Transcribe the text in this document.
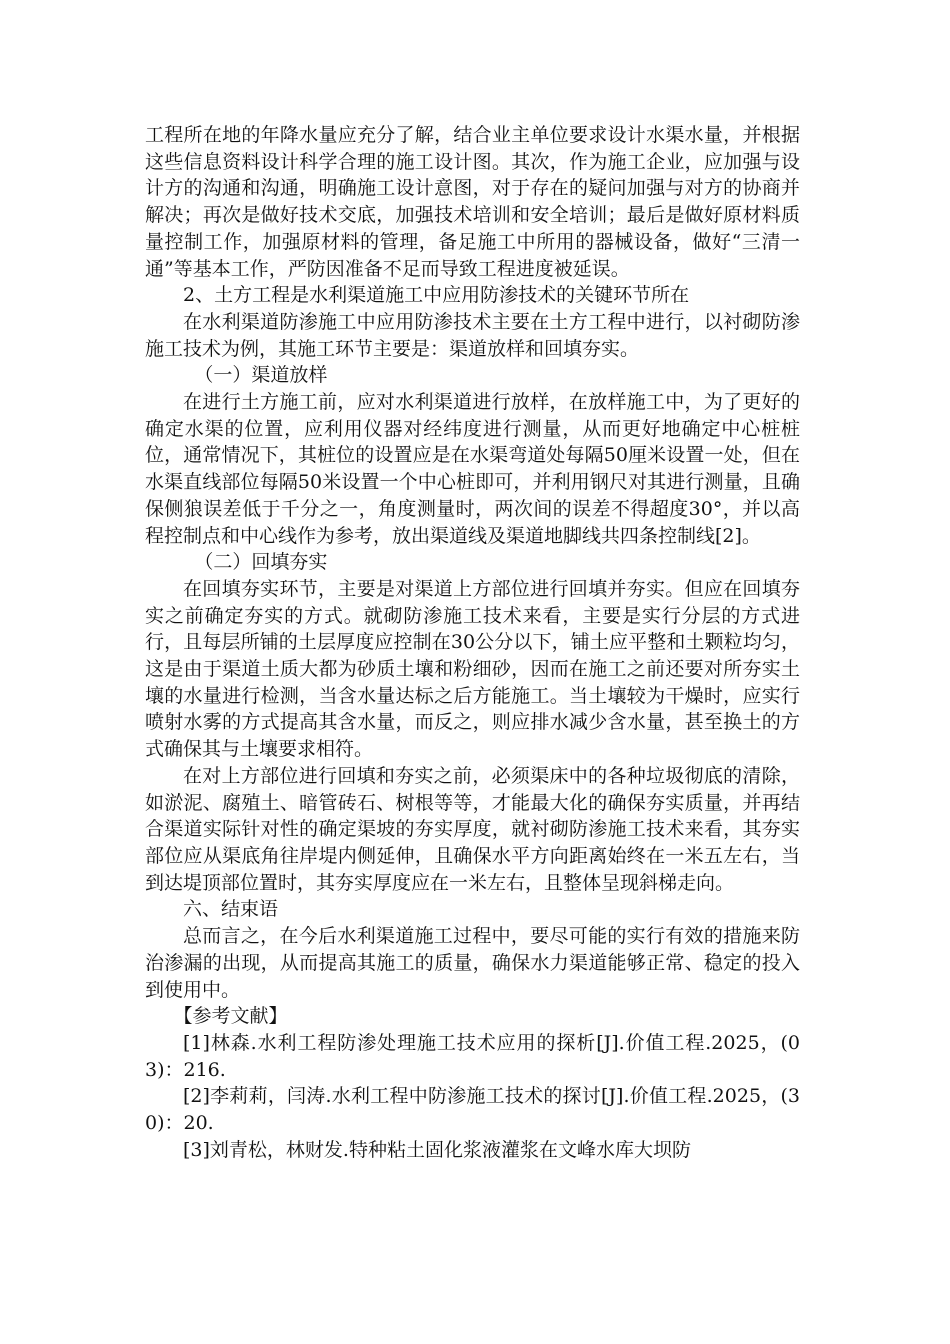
工程所在地的年降水量应充分了解，结合业主单位要求设计水渠水量，并根据这些信息资料设计科学合理的施工设计图。其次，作为施工企业，应加强与设计方的沟通和沟通，明确施工设计意图，对于存在的疑问加强与对方的协商并解决；再次是做好技术交底，加强技术培训和安全培训；最后是做好原材料质量控制工作，加强原材料的管理，备足施工中所用的器械设备，做好“三清一通”等基本工作，严防因准备不足而导致工程进度被延误。

2、土方工程是水利渠道施工中应用防渗技术的关键环节所在

在水利渠道防渗施工中应用防渗技术主要在土方工程中进行，以衬砌防渗施工技术为例，其施工环节主要是：渠道放样和回填夯实。

（一）渠道放样

在进行土方施工前，应对水利渠道进行放样，在放样施工中，为了更好的确定水渠的位置，应利用仪器对经纬度进行测量，从而更好地确定中心桩桩位，通常情况下，其桩位的设置应是在水渠弯道处每隔50厘米设置一处，但在水渠直线部位每隔50米设置一个中心桩即可，并利用钢尺对其进行测量，且确保侧狼误差低于千分之一，角度测量时，两次间的误差不得超度30°，并以高程控制点和中心线作为参考，放出渠道线及渠道地脚线共四条控制线[2]。

（二）回填夯实

在回填夯实环节，主要是对渠道上方部位进行回填并夯实。但应在回填夯实之前确定夯实的方式。就砌防渗施工技术来看，主要是实行分层的方式进行，且每层所铺的土层厚度应控制在30公分以下，铺土应平整和土颗粒均匀，这是由于渠道土质大都为砂质土壤和粉细砂，因而在施工之前还要对所夯实土壤的水量进行检测，当含水量达标之后方能施工。当土壤较为干燥时，应实行喷射水雾的方式提高其含水量，而反之，则应排水减少含水量，甚至换土的方式确保其与土壤要求相符。

在对上方部位进行回填和夯实之前，必须渠床中的各种垃圾彻底的清除，如淤泥、腐殖土、暗管砖石、树根等等，才能最大化的确保夯实质量，并再结合渠道实际针对性的确定渠坡的夯实厚度，就衬砌防渗施工技术来看，其夯实部位应从渠底角往岸堤内侧延伸，且确保水平方向距离始终在一米五左右，当到达堤顶部位置时，其夯实厚度应在一米左右，且整体呈现斜梯走向。

六、结束语

总而言之，在今后水利渠道施工过程中，要尽可能的实行有效的措施来防治渗漏的出现，从而提高其施工的质量，确保水力渠道能够正常、稳定的投入到使用中。

【参考文献】

[1]林森.水利工程防渗处理施工技术应用的探析[J].价值工程.2025，(03)：216.

[2]李莉莉，闫涛.水利工程中防渗施工技术的探讨[J].价值工程.2025，(30)：20.

[3]刘青松，林财发.特种粘土固化浆液灌浆在文峰水库大坝防
